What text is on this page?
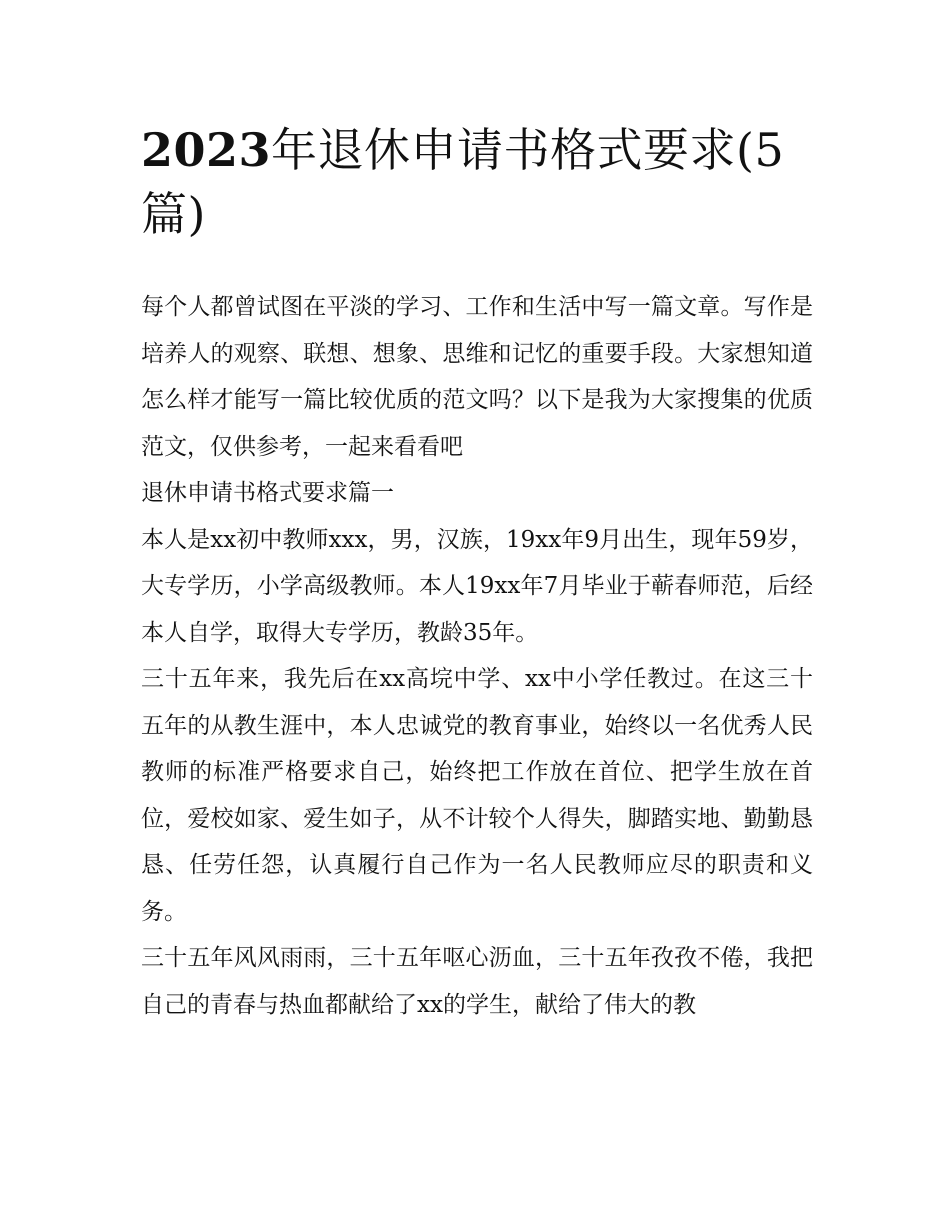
2023年退休申请书格式要求(5篇)

每个人都曾试图在平淡的学习、工作和生活中写一篇文章。写作是培养人的观察、联想、想象、思维和记忆的重要手段。大家想知道怎么样才能写一篇比较优质的范文吗？以下是我为大家搜集的优质范文，仅供参考，一起来看看吧

退休申请书格式要求篇一

本人是xx初中教师xxx，男，汉族，19xx年9月出生，现年59岁，大专学历，小学高级教师。本人19xx年7月毕业于蕲春师范，后经本人自学，取得大专学历，教龄35年。

三十五年来，我先后在xx高垸中学、xx中小学任教过。在这三十五年的从教生涯中，本人忠诚党的教育事业，始终以一名优秀人民教师的标准严格要求自己，始终把工作放在首位、把学生放在首位，爱校如家、爱生如子，从不计较个人得失，脚踏实地、勤勤恳恳、任劳任怨，认真履行自己作为一名人民教师应尽的职责和义务。

三十五年风风雨雨，三十五年呕心沥血，三十五年孜孜不倦，我把自己的青春与热血都献给了xx的学生，献给了伟大的教
